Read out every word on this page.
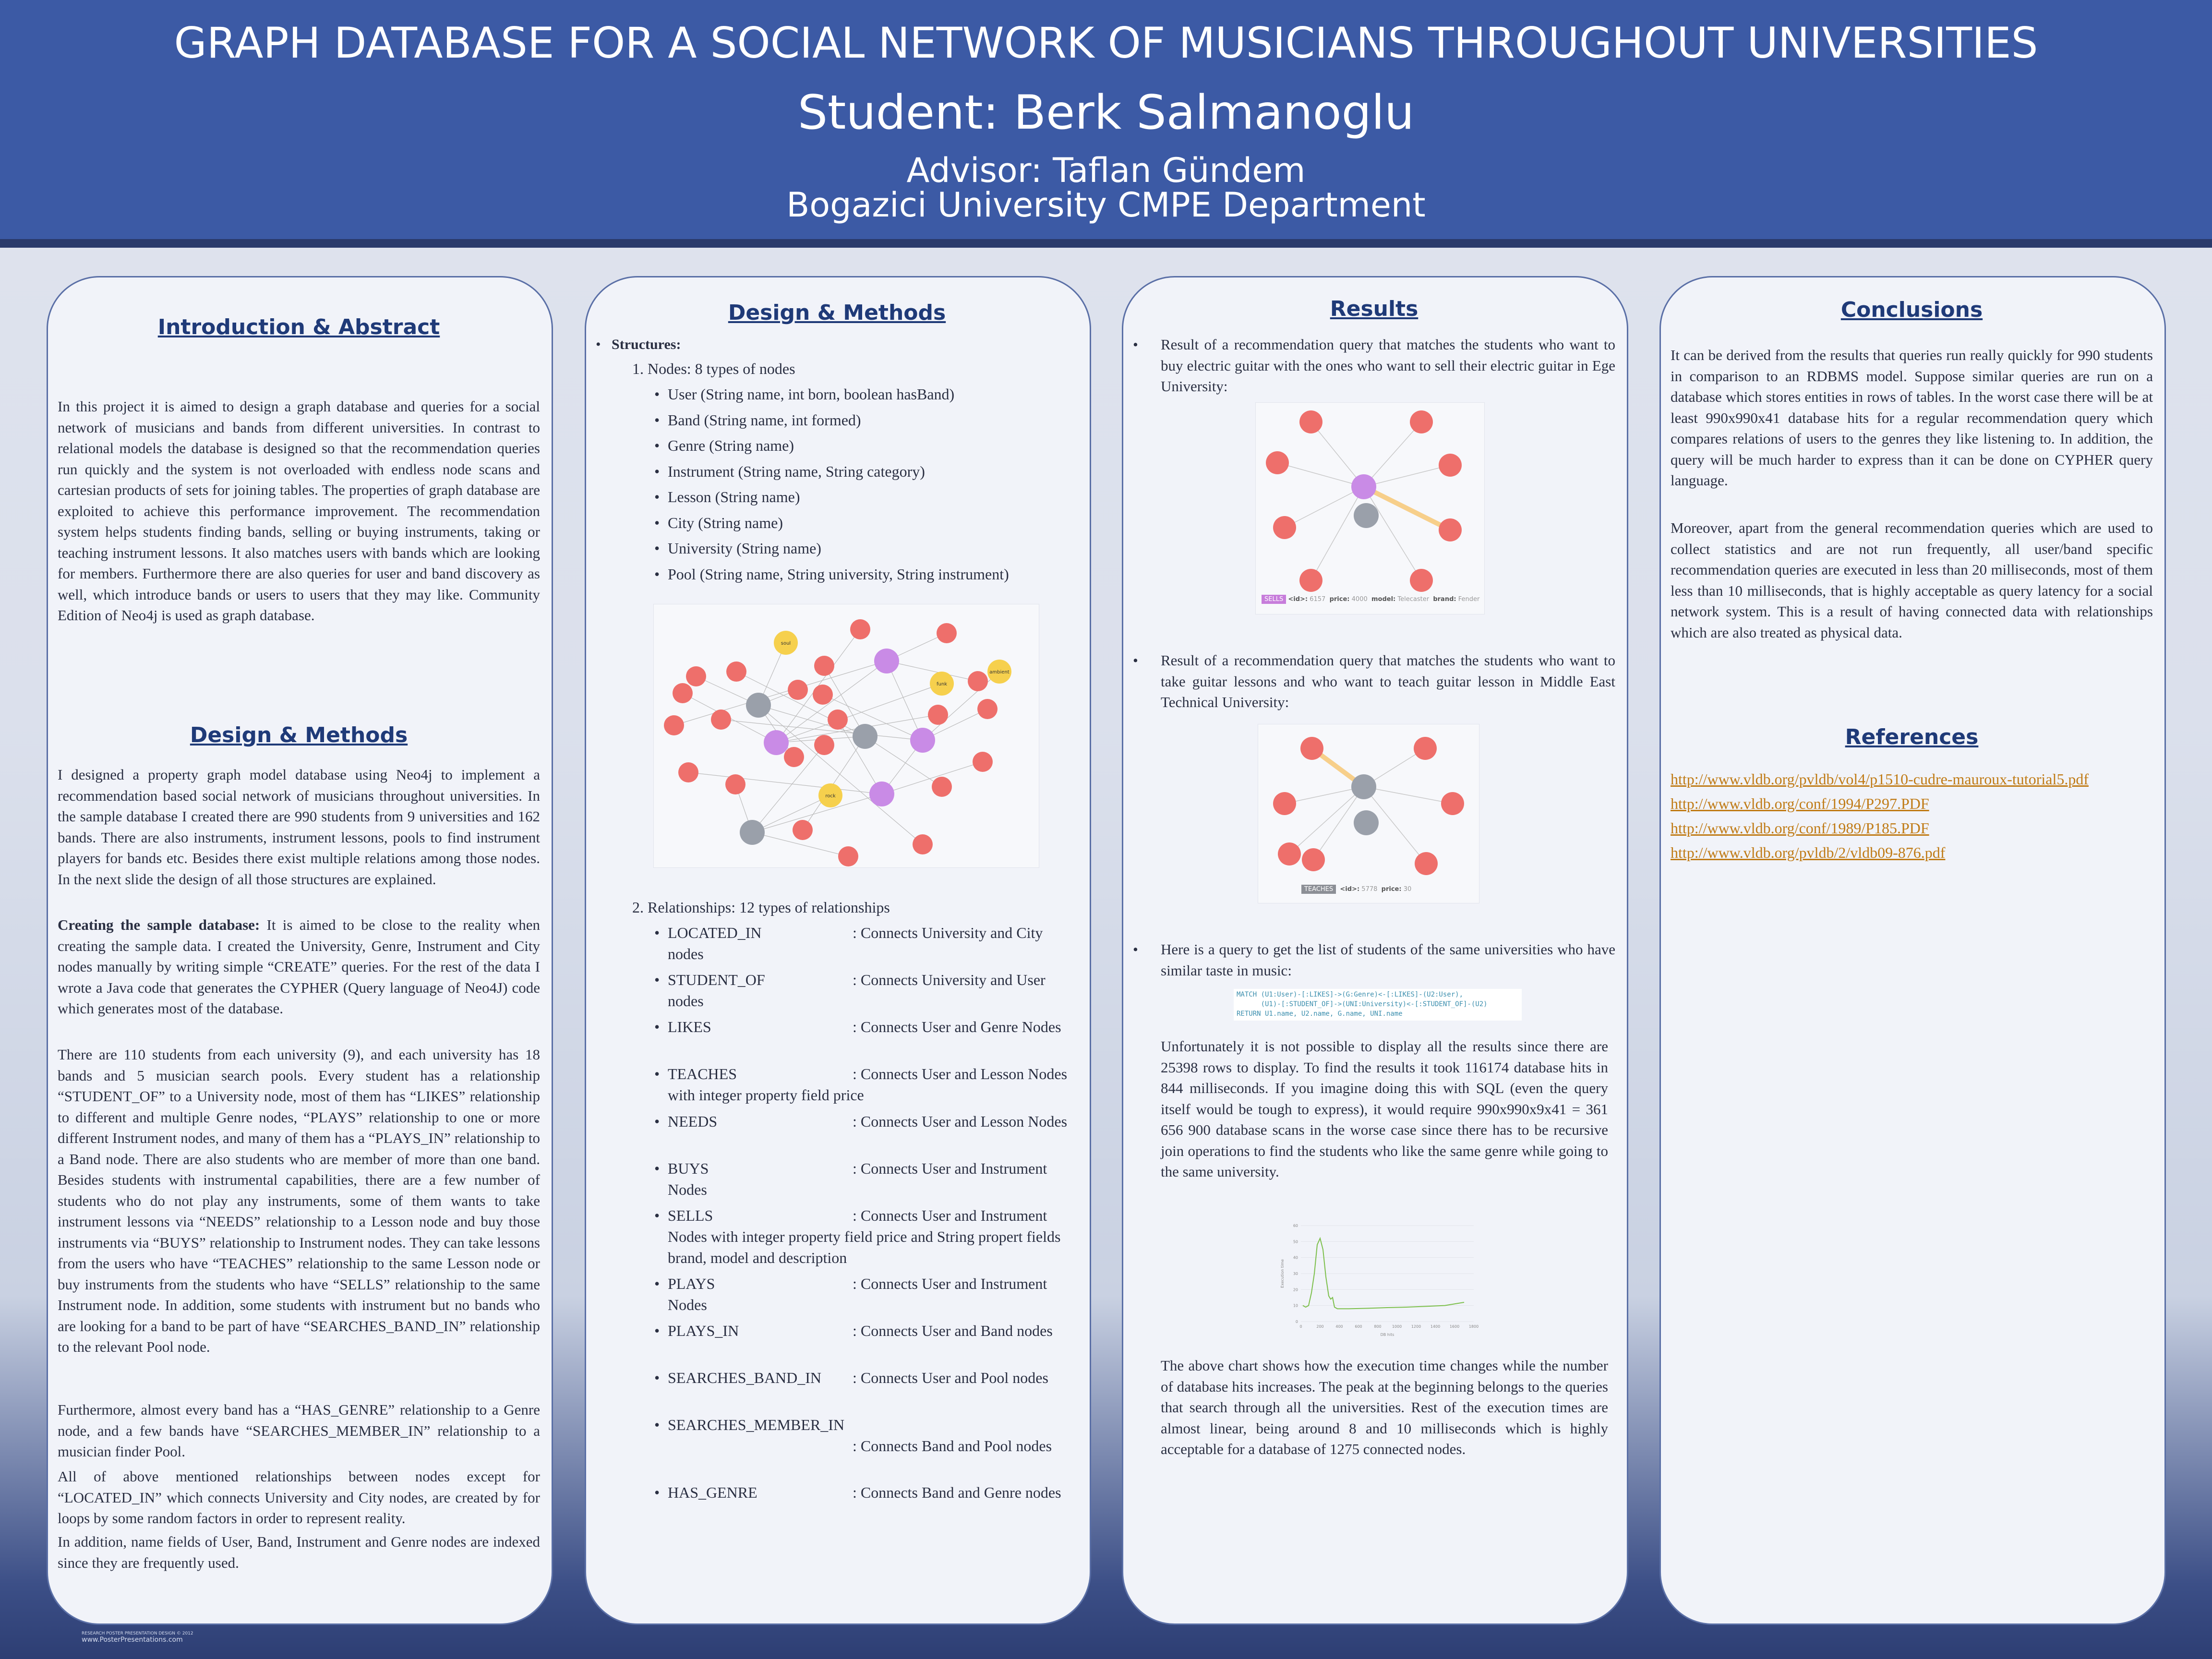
GRAPH DATABASE FOR A SOCIAL NETWORK OF MUSICIANS THROUGHOUT UNIVERSITIES
Student: Berk Salmanoglu
Advisor: Taflan Gündem
Bogazici University CMPE Department
Introduction & Abstract
In this project it is aimed to design a graph database and queries for a social network of musicians and bands from different universities. In contrast to relational models the database is designed so that the recommendation queries run quickly and the system is not overloaded with endless node scans and cartesian products of sets for joining tables. The properties of graph database are exploited to achieve this performance improvement. The recommendation system helps students finding bands, selling or buying instruments, taking or teaching instrument lessons. It also matches users with bands which are looking for members. Furthermore there are also queries for user and band discovery as well, which introduce bands or users to users that they may like. Community Edition of Neo4j is used as graph database.
Design & Methods
I designed a property graph model database using Neo4j to implement a recommendation based social network of musicians throughout universities. In the sample database I created there are 990 students from 9 universities and 162 bands. There are also instruments, instrument lessons, pools to find instrument players for bands etc. Besides there exist multiple relations among those nodes. In the next slide the design of all those structures are explained.
Creating the sample database: It is aimed to be close to the reality when creating the sample data. I created the University, Genre, Instrument and City nodes manually by writing simple “CREATE” queries. For the rest of the data I wrote a Java code that generates the CYPHER (Query language of Neo4J) code which generates most of the database.
There are 110 students from each university (9), and each university has 18 bands and 5 musician search pools. Every student has a relationship “STUDENT_OF” to a University node, most of them has “LIKES” relationship to different and multiple Genre nodes, “PLAYS” relationship to one or more different Instrument nodes, and many of them has a “PLAYS_IN” relationship to a Band node. There are also students who are member of more than one band. Besides students with instrumental capabilities, there are a few number of students who do not play any instruments, some of them wants to take instrument lessons via “NEEDS” relationship to a Lesson node and buy those instruments via “BUYS” relationship to Instrument nodes. They can take lessons from the users who have “TEACHES” relationship to the same Lesson node or buy instruments from the students who have “SELLS” relationship to the same Instrument node. In addition, some students with instrument but no bands who are looking for a band to be part of have “SEARCHES_BAND_IN” relationship to the relevant Pool node.
Furthermore, almost every band has a “HAS_GENRE” relationship to a Genre node, and a few bands have “SEARCHES_MEMBER_IN” relationship to a musician finder Pool.
All of above mentioned relationships between nodes except for “LOCATED_IN” which connects University and City nodes, are created by for loops by some random factors in order to represent reality.
In addition, name fields of User, Band, Instrument and Genre nodes are indexed since they are frequently used.
Design & Methods
•   Structures:
1. Nodes: 8 types of nodes
• User (String name, int born, boolean hasBand)
• Band (String name, int formed)
• Genre (String name)
• Instrument (String name, String category)
• Lesson (String name)
• City (String name)
• University (String name)
• Pool (String name, String university, String instrument)
soul
funk
ambient
rock
2. Relationships: 12 types of relationships
• LOCATED_IN	: Connects University and City nodes
• STUDENT_OF	: Connects University and User nodes
• LIKES	: Connects User and Genre Nodes
• TEACHES	: Connects User and Lesson Nodes with integer property field price
• NEEDS	: Connects User and Lesson Nodes
• BUYS	: Connects User and Instrument Nodes
• SELLS	: Connects User and Instrument Nodes with integer property field price and String propert fields brand, model and description
• PLAYS	: Connects User and Instrument Nodes
• PLAYS_IN	: Connects User and Band nodes
• SEARCHES_BAND_IN	: Connects User and Pool nodes
• SEARCHES_MEMBER_IN
: Connects Band and Pool nodes
• HAS_GENRE	: Connects Band and Genre nodes
Results
• Result of a recommendation query that matches the students who want to buy electric guitar with the ones who want to sell their electric guitar in Ege University:
SELLS <id>: 6157 price: 4000 model: Telecaster brand: Fender
• Result of a recommendation query that matches the students who want to take guitar lessons and who want to teach guitar lesson in Middle East Technical University:
TEACHES <id>: 5778 price: 30
• Here is a query to get the list of students of the same universities who have similar taste in music:
MATCH (U1:User)-[:LIKES]->(G:Genre)<-[:LIKES]-(U2:User),
(U1)-[:STUDENT_OF]->(UNI:University)<-[:STUDENT_OF]-(U2)
RETURN U1.name, U2.name, G.name, UNI.name
Unfortunately it is not possible to display all the results since there are 25398 rows to display. To find the results it took 116174 database hits in 844 milliseconds. If you imagine doing this with SQL (even the query itself would be tough to express), it would require 990x990x9x41 = 361 656 900 database scans in the worse case since there has to be recursive join operations to find the students who like the same genre while going to the same university.
0
10
20
30
40
50
60
0	200	400	600	800	1000 1200 1400 1600 1800
DB hits
Execution time
The above chart shows how the execution time changes while the number of database hits increases. The peak at the beginning belongs to the queries that search through all the universities. Rest of the execution times are almost linear, being around 8 and 10 milliseconds which is highly acceptable for a database of 1275 connected nodes.
Conclusions
It can be derived from the results that queries run really quickly for 990 students in comparison to an RDBMS model. Suppose similar queries are run on a database which stores entities in rows of tables. In the worst case there will be at least 990x990x41 database hits for a regular recommendation query which compares relations of users to the genres they like listening to. In addition, the query will be much harder to express than it can be done on CYPHER query language.
Moreover, apart from the general recommendation queries which are used to collect statistics and are not run frequently, all user/band specific recommendation queries are executed in less than 20 milliseconds, most of them less than 10 milliseconds, that is highly acceptable as query latency for a social network system. This is a result of having connected data with relationships which are also treated as physical data.
References
http://www.vldb.org/pvldb/vol4/p1510-cudre-mauroux-tutorial5.pdf
http://www.vldb.org/conf/1994/P297.PDF
http://www.vldb.org/conf/1989/P185.PDF
http://www.vldb.org/pvldb/2/vldb09-876.pdf
RESEARCH POSTER PRESENTATION DESIGN © 2012
www.PosterPresentations.com
